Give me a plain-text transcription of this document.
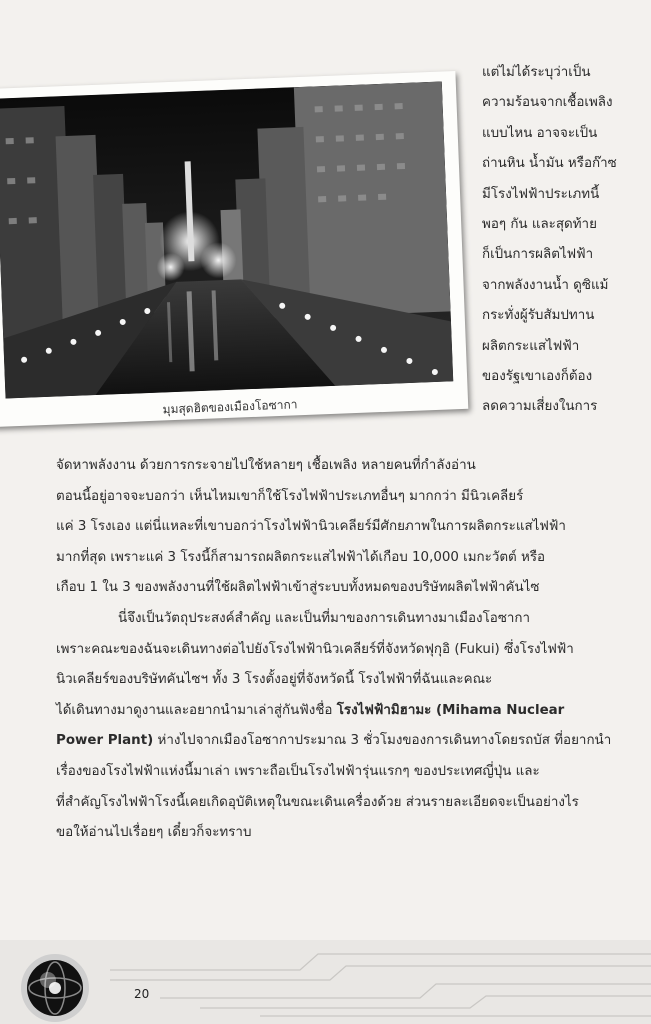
มุมสุดฮิตของเมืองโอซากา
แต่ไม่ได้ระบุว่าเป็น
ความร้อนจากเชื้อเพลิง
แบบไหน อาจจะเป็น
ถ่านหิน น้ำมัน หรือก๊าซ
มีโรงไฟฟ้าประเภทนี้
พอๆ กัน และสุดท้าย
ก็เป็นการผลิตไฟฟ้า
จากพลังงานน้ำ ดูซิแม้
กระทั่งผู้รับสัมปทาน
ผลิตกระแสไฟฟ้า
ของรัฐเขาเองก็ต้อง
ลดความเสี่ยงในการ
จัดหาพลังงาน ด้วยการกระจายไปใช้หลายๆ เชื้อเพลิง หลายคนที่กำลังอ่าน
ตอนนี้อยู่อาจจะบอกว่า เห็นไหมเขาก็ใช้โรงไฟฟ้าประเภทอื่นๆ มากกว่า มีนิวเคลียร์
แค่ 3 โรงเอง แต่นี่แหละที่เขาบอกว่าโรงไฟฟ้านิวเคลียร์มีศักยภาพในการผลิตกระแสไฟฟ้า
มากที่สุด เพราะแค่ 3 โรงนี้ก็สามารถผลิตกระแสไฟฟ้าได้เกือบ 10,000 เมกะวัตต์ หรือ
เกือบ 1 ใน 3 ของพลังงานที่ใช้ผลิตไฟฟ้าเข้าสู่ระบบทั้งหมดของบริษัทผลิตไฟฟ้าคันไซ
นี่จึงเป็นวัตถุประสงค์สำคัญ และเป็นที่มาของการเดินทางมาเมืองโอซากา
เพราะคณะของฉันจะเดินทางต่อไปยังโรงไฟฟ้านิวเคลียร์ที่จังหวัดฟุกุอิ (Fukui) ซึ่งโรงไฟฟ้า
นิวเคลียร์ของบริษัทคันไซฯ ทั้ง 3 โรงตั้งอยู่ที่จังหวัดนี้ โรงไฟฟ้าที่ฉันและคณะ
ได้เดินทางมาดูงานและอยากนำมาเล่าสู่กันฟังชื่อ โรงไฟฟ้ามิฮามะ (Mihama Nuclear
Power Plant) ห่างไปจากเมืองโอซากาประมาณ 3 ชั่วโมงของการเดินทางโดยรถบัส ที่อยากนำ
เรื่องของโรงไฟฟ้าแห่งนี้มาเล่า เพราะถือเป็นโรงไฟฟ้ารุ่นแรกๆ ของประเทศญี่ปุ่น และ
ที่สำคัญโรงไฟฟ้าโรงนี้เคยเกิดอุบัติเหตุในขณะเดินเครื่องด้วย ส่วนรายละเอียดจะเป็นอย่างไร
ขอให้อ่านไปเรื่อยๆ เดี๋ยวก็จะทราบ
20
